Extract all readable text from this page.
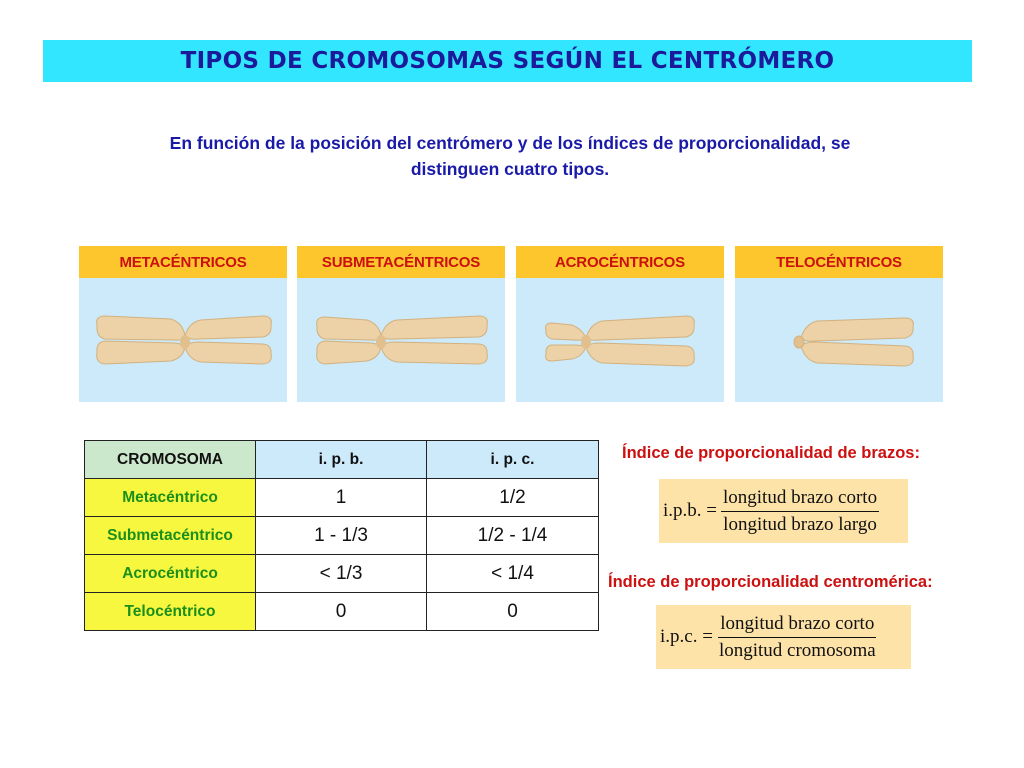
TIPOS DE CROMOSOMAS SEGÚN EL CENTRÓMERO
En función de la posición del centrómero y de los índices de proporcionalidad, se
distinguen cuatro tipos.
METACÉNTRICOS	SUBMETACÉNTRICOS	ACROCÉNTRICOS	TELOCÉNTRICOS
CROMOSOMA	i. p. b.	i. p. c.
Metacéntrico	1	1/2
Submetacéntrico	1 - 1/3	1/2 - 1/4
Acrocéntrico	< 1/3	< 1/4
Telocéntrico	0	0
Índice de proporcionalidad de brazos:
i.p.b. = $\frac{\text{longitud brazo corto}}{\text{longitud brazo largo}}$
Índice de proporcionalidad centromérica:
i.p.c. = $\frac{\text{longitud brazo corto}}{\text{longitud cromosoma}}$
